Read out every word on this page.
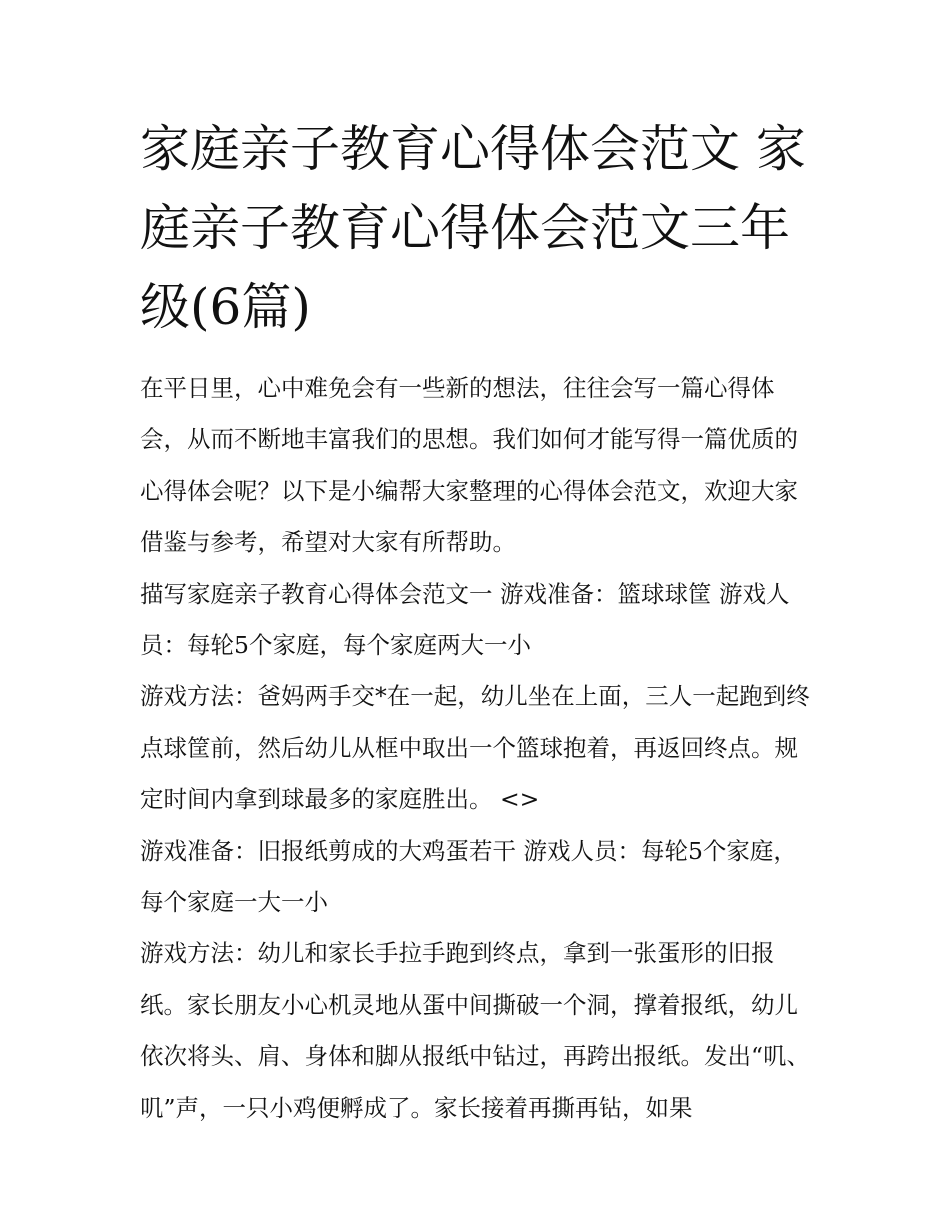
家庭亲子教育心得体会范文 家庭亲子教育心得体会范文三年级(6篇)

在平日里，心中难免会有一些新的想法，往往会写一篇心得体会，从而不断地丰富我们的思想。我们如何才能写得一篇优质的心得体会呢？以下是小编帮大家整理的心得体会范文，欢迎大家借鉴与参考，希望对大家有所帮助。

描写家庭亲子教育心得体会范文一 游戏准备：篮球球筐 游戏人员：每轮5个家庭，每个家庭两大一小

游戏方法：爸妈两手交*在一起，幼儿坐在上面，三人一起跑到终点球筐前，然后幼儿从框中取出一个篮球抱着，再返回终点。规定时间内拿到球最多的家庭胜出。 <>

游戏准备：旧报纸剪成的大鸡蛋若干 游戏人员：每轮5个家庭，每个家庭一大一小

游戏方法：幼儿和家长手拉手跑到终点，拿到一张蛋形的旧报纸。家长朋友小心机灵地从蛋中间撕破一个洞，撑着报纸，幼儿依次将头、肩、身体和脚从报纸中钻过，再跨出报纸。发出“叽、叽”声，一只小鸡便孵成了。家长接着再撕再钻，如果
